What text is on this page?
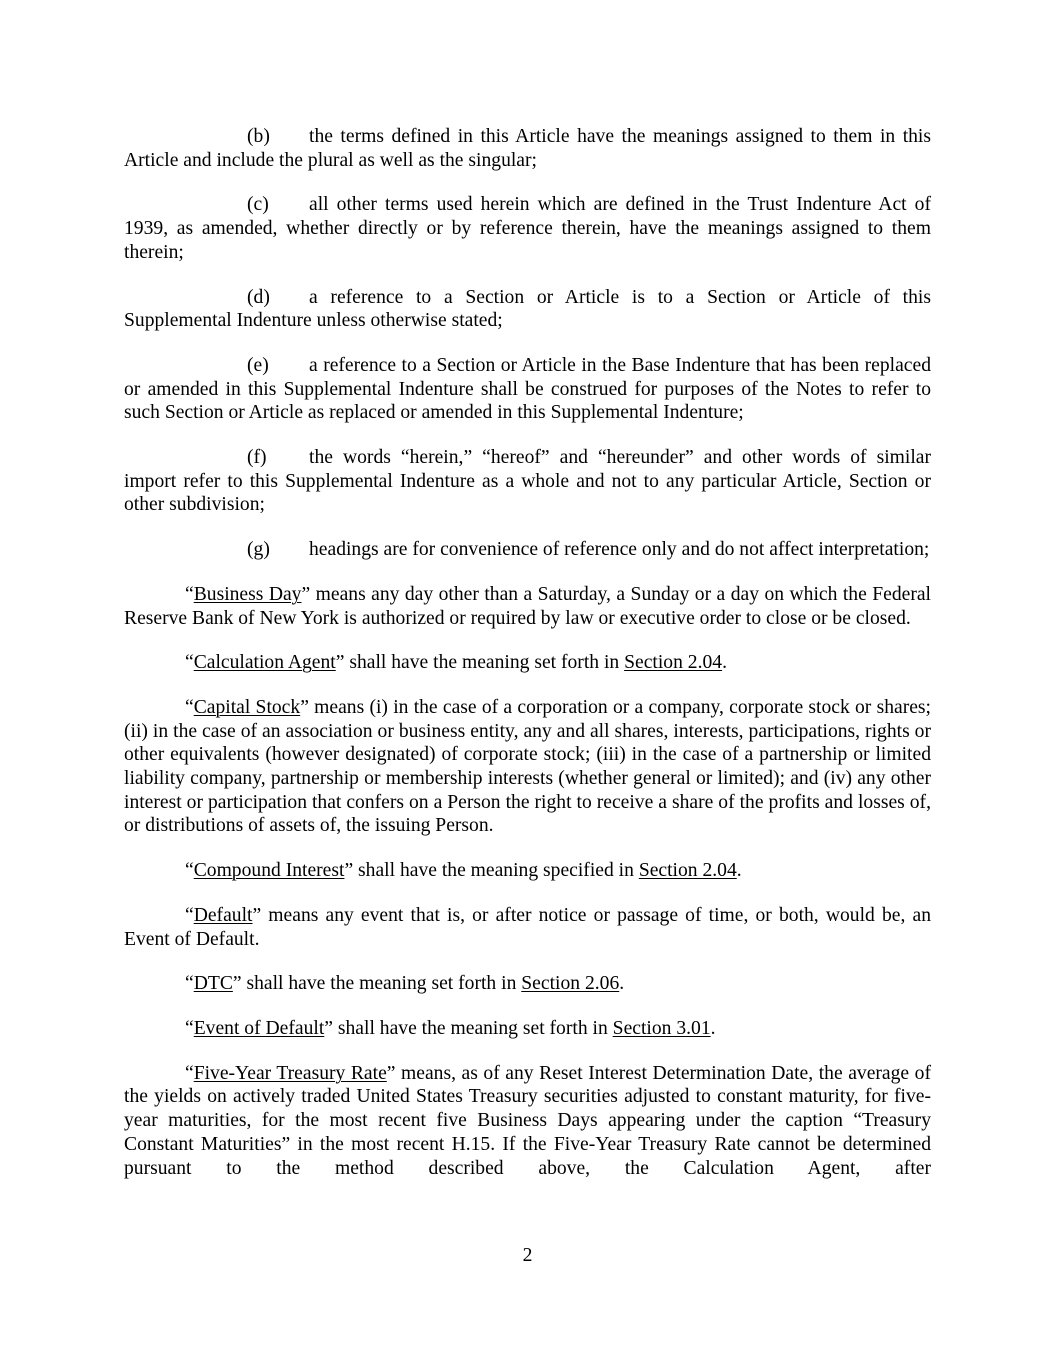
(b) the terms defined in this Article have the meanings assigned to them in this Article and include the plural as well as the singular;

(c) all other terms used herein which are defined in the Trust Indenture Act of 1939, as amended, whether directly or by reference therein, have the meanings assigned to them therein;

(d) a reference to a Section or Article is to a Section or Article of this Supplemental Indenture unless otherwise stated;

(e) a reference to a Section or Article in the Base Indenture that has been replaced or amended in this Supplemental Indenture shall be construed for purposes of the Notes to refer to such Section or Article as replaced or amended in this Supplemental Indenture;

(f) the words “herein,” “hereof” and “hereunder” and other words of similar import refer to this Supplemental Indenture as a whole and not to any particular Article, Section or other subdivision;

(g) headings are for convenience of reference only and do not affect interpretation;

“Business Day” means any day other than a Saturday, a Sunday or a day on which the Federal Reserve Bank of New York is authorized or required by law or executive order to close or be closed.

“Calculation Agent” shall have the meaning set forth in Section 2.04.

“Capital Stock” means (i) in the case of a corporation or a company, corporate stock or shares; (ii) in the case of an association or business entity, any and all shares, interests, participations, rights or other equivalents (however designated) of corporate stock; (iii) in the case of a partnership or limited liability company, partnership or membership interests (whether general or limited); and (iv) any other interest or participation that confers on a Person the right to receive a share of the profits and losses of, or distributions of assets of, the issuing Person.

“Compound Interest” shall have the meaning specified in Section 2.04.

“Default” means any event that is, or after notice or passage of time, or both, would be, an Event of Default.

“DTC” shall have the meaning set forth in Section 2.06.

“Event of Default” shall have the meaning set forth in Section 3.01.

“Five-Year Treasury Rate” means, as of any Reset Interest Determination Date, the average of the yields on actively traded United States Treasury securities adjusted to constant maturity, for five-year maturities, for the most recent five Business Days appearing under the caption “Treasury Constant Maturities” in the most recent H.15. If the Five-Year Treasury Rate cannot be determined pursuant to the method described above, the Calculation Agent, after

2
